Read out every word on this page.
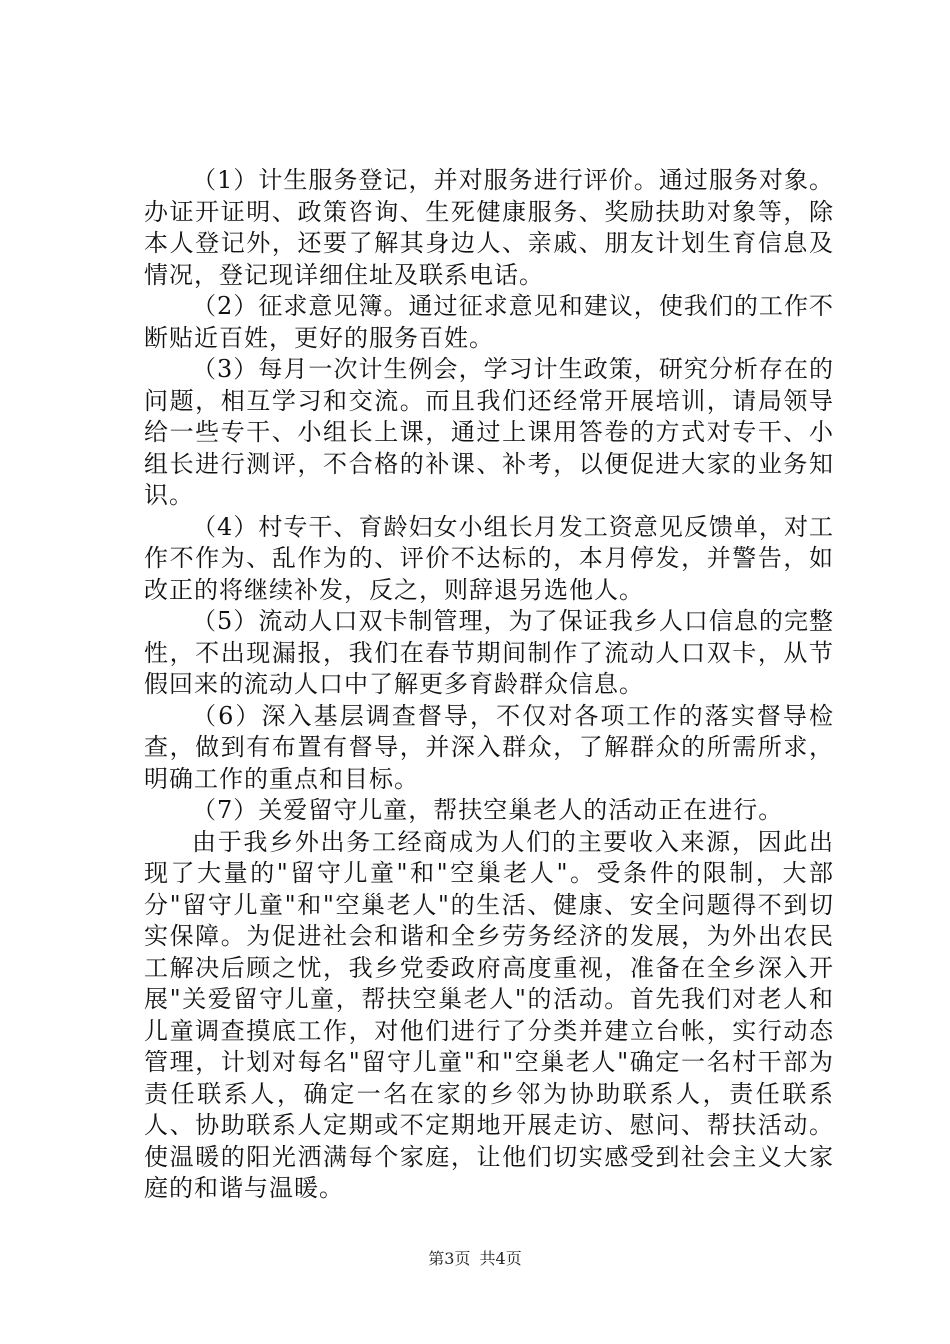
（1）计生服务登记，并对服务进行评价。通过服务对象。办证开证明、政策咨询、生死健康服务、奖励扶助对象等，除本人登记外，还要了解其身边人、亲戚、朋友计划生育信息及情况，登记现详细住址及联系电话。

（2）征求意见簿。通过征求意见和建议，使我们的工作不断贴近百姓，更好的服务百姓。

（3）每月一次计生例会，学习计生政策，研究分析存在的问题，相互学习和交流。而且我们还经常开展培训，请局领导给一些专干、小组长上课，通过上课用答卷的方式对专干、小组长进行测评，不合格的补课、补考，以便促进大家的业务知识。

（4）村专干、育龄妇女小组长月发工资意见反馈单，对工作不作为、乱作为的、评价不达标的，本月停发，并警告，如改正的将继续补发，反之，则辞退另选他人。

（5）流动人口双卡制管理，为了保证我乡人口信息的完整性，不出现漏报，我们在春节期间制作了流动人口双卡，从节假回来的流动人口中了解更多育龄群众信息。

（6）深入基层调查督导，不仅对各项工作的落实督导检查，做到有布置有督导，并深入群众，了解群众的所需所求，明确工作的重点和目标。

（7）关爱留守儿童，帮扶空巢老人的活动正在进行。

由于我乡外出务工经商成为人们的主要收入来源，因此出现了大量的"留守儿童"和"空巢老人"。受条件的限制，大部分"留守儿童"和"空巢老人"的生活、健康、安全问题得不到切实保障。为促进社会和谐和全乡劳务经济的发展，为外出农民工解决后顾之忧，我乡党委政府高度重视，准备在全乡深入开展"关爱留守儿童，帮扶空巢老人"的活动。首先我们对老人和儿童调查摸底工作，对他们进行了分类并建立台帐，实行动态管理，计划对每名"留守儿童"和"空巢老人"确定一名村干部为责任联系人，确定一名在家的乡邻为协助联系人，责任联系人、协助联系人定期或不定期地开展走访、慰问、帮扶活动。使温暖的阳光洒满每个家庭，让他们切实感受到社会主义大家庭的和谐与温暖。

第3页 共4页
